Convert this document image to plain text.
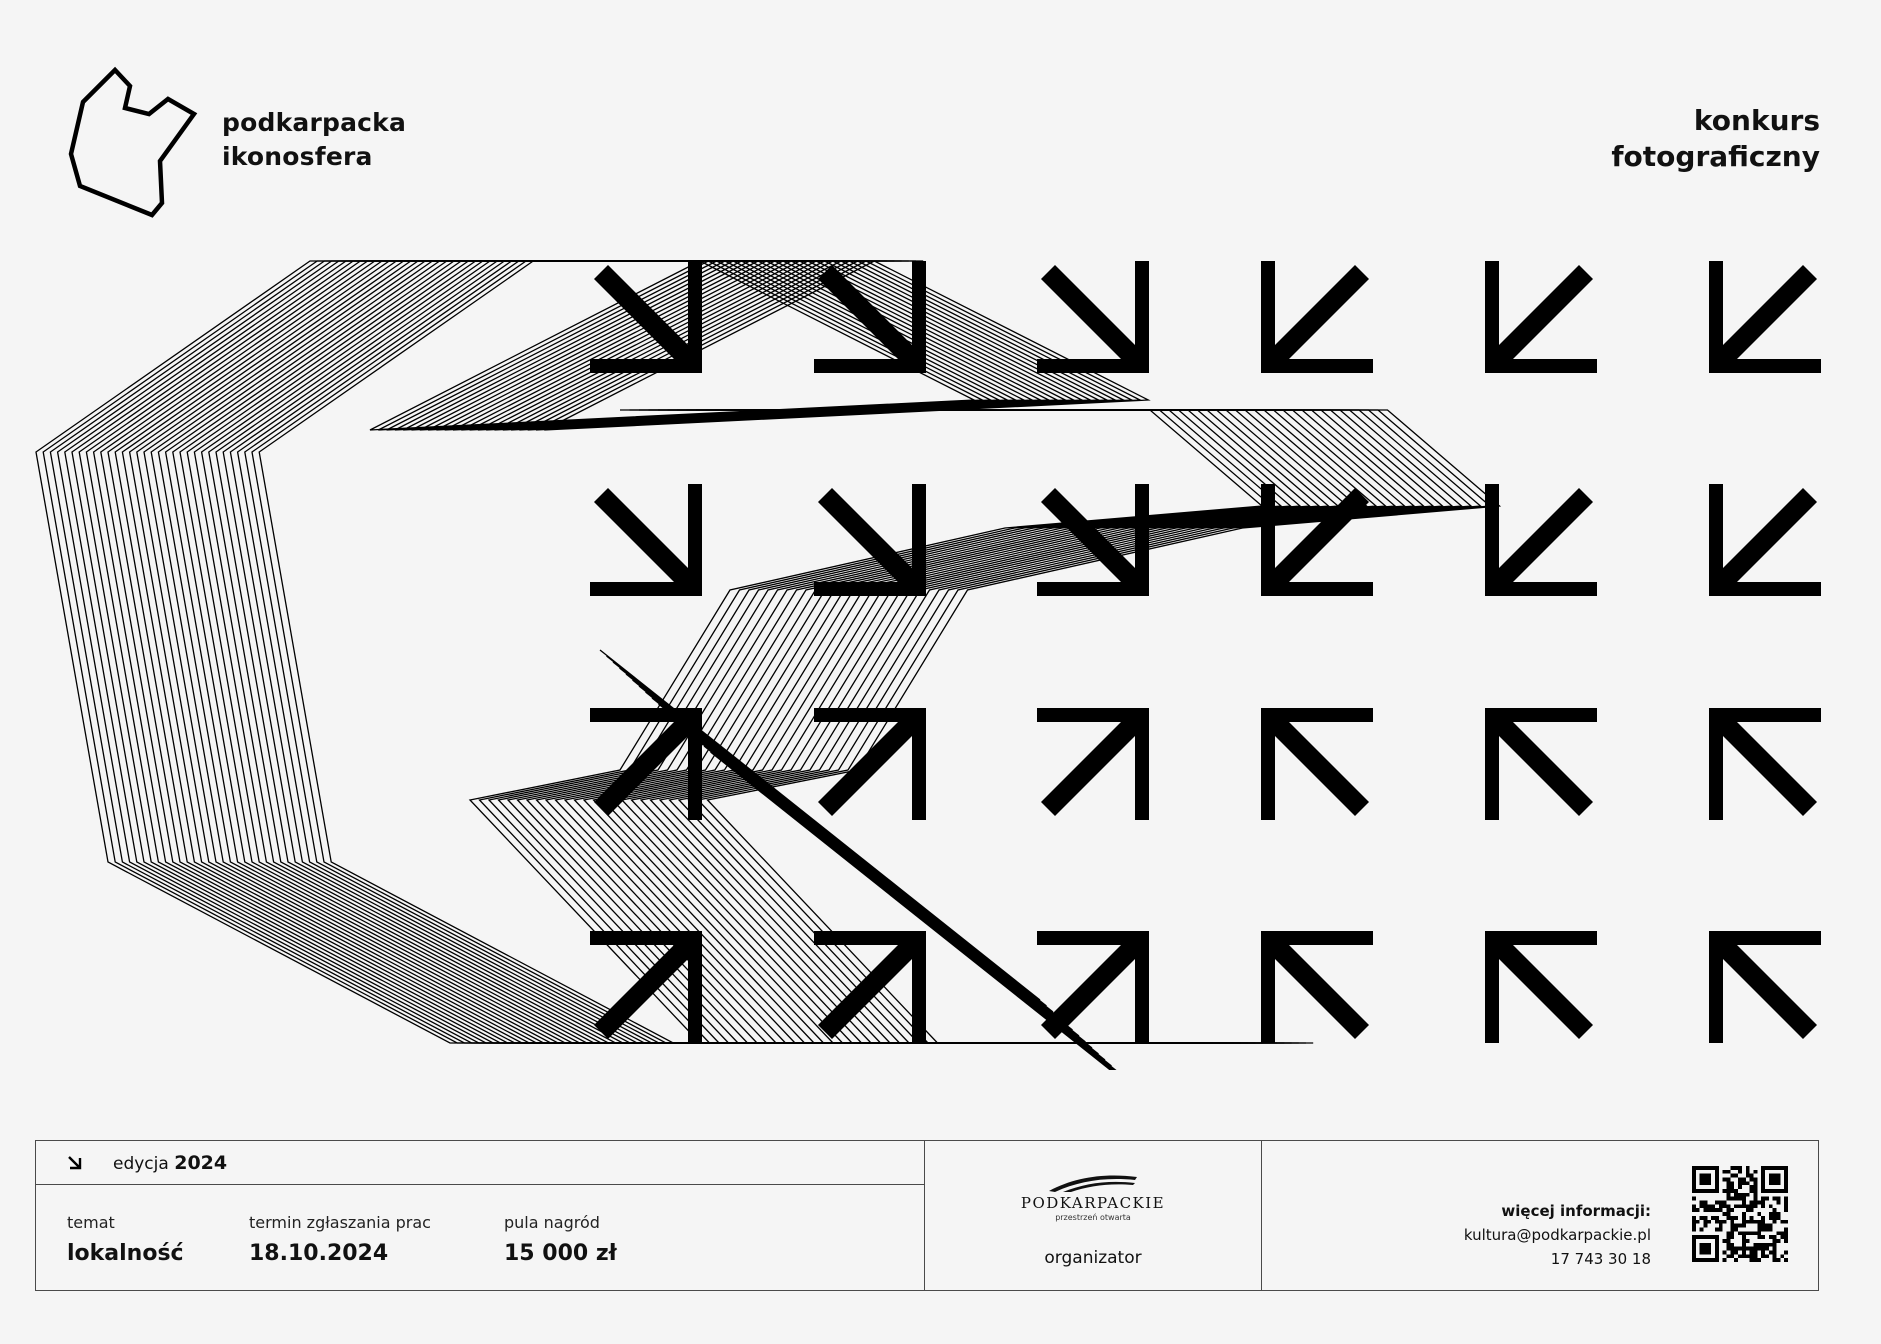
podkarpacka
ikonosfera
konkurs
fotograficzny
edycja 2024
temat
lokalność
termin zgłaszania prac
18.10.2024
pula nagród
15 000 zł
PODKARPACKIE
przestrzeń otwarta
organizator
więcej informacji:
kultura@podkarpackie.pl
17 743 30 18
